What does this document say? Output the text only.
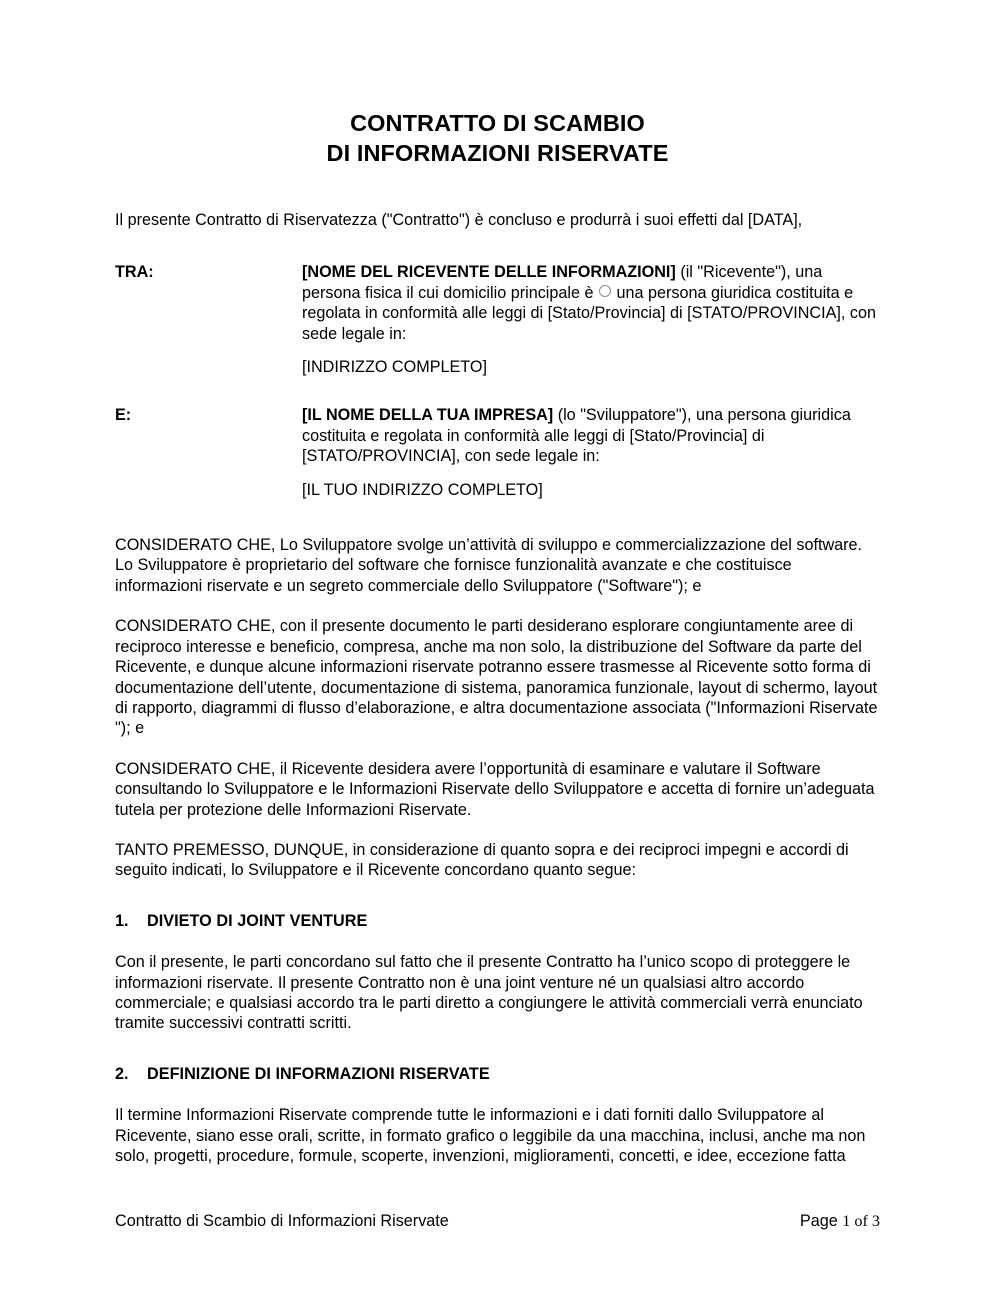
CONTRATTO DI SCAMBIO
DI INFORMAZIONI RISERVATE

Il presente Contratto di Riservatezza ("Contratto") è concluso e produrrà i suoi effetti dal [DATA],

TRA:	[NOME DEL RICEVENTE DELLE INFORMAZIONI] (il "Ricevente"), una persona fisica il cui domicilio principale è  una persona giuridica costituita e regolata in conformità alle leggi di [Stato/Provincia] di [STATO/PROVINCIA], con sede legale in:
[INDIRIZZO COMPLETO]
E:	[IL NOME DELLA TUA IMPRESA] (lo "Sviluppatore"), una persona giuridica costituita e regolata in conformità alle leggi di [Stato/Provincia] di [STATO/PROVINCIA], con sede legale in:
[IL TUO INDIRIZZO COMPLETO]

CONSIDERATO CHE, Lo Sviluppatore svolge un’attività di sviluppo e commercializzazione del software. Lo Sviluppatore è proprietario del software che fornisce funzionalità avanzate e che costituisce informazioni riservate e un segreto commerciale dello Sviluppatore ("Software"); e

CONSIDERATO CHE, con il presente documento le parti desiderano esplorare congiuntamente aree di reciproco interesse e beneficio, compresa, anche ma non solo, la distribuzione del Software da parte del Ricevente, e dunque alcune informazioni riservate potranno essere trasmesse al Ricevente sotto forma di documentazione dell’utente, documentazione di sistema, panoramica funzionale, layout di schermo, layout di rapporto, diagrammi di flusso d’elaborazione, e altra documentazione associata ("Informazioni Riservate "); e

CONSIDERATO CHE, il Ricevente desidera avere l’opportunità di esaminare e valutare il Software consultando lo Sviluppatore e le Informazioni Riservate dello Sviluppatore e accetta di fornire un’adeguata tutela per protezione delle Informazioni Riservate.

TANTO PREMESSO, DUNQUE, in considerazione di quanto sopra e dei reciproci impegni e accordi di seguito indicati, lo Sviluppatore e il Ricevente concordano quanto segue:

1.	DIVIETO DI JOINT VENTURE

Con il presente, le parti concordano sul fatto che il presente Contratto ha l’unico scopo di proteggere le informazioni riservate. Il presente Contratto non è una joint venture né un qualsiasi altro accordo commerciale; e qualsiasi accordo tra le parti diretto a congiungere le attività commerciali verrà enunciato tramite successivi contratti scritti.

2.	DEFINIZIONE DI INFORMAZIONI RISERVATE

Il termine Informazioni Riservate comprende tutte le informazioni e i dati forniti dallo Sviluppatore al Ricevente, siano esse orali, scritte, in formato grafico o leggibile da una macchina, inclusi, anche ma non solo, progetti, procedure, formule, scoperte, invenzioni, miglioramenti, concetti, e idee, eccezione fatta

Contratto di Scambio di Informazioni Riservate	Page 1 of 3
